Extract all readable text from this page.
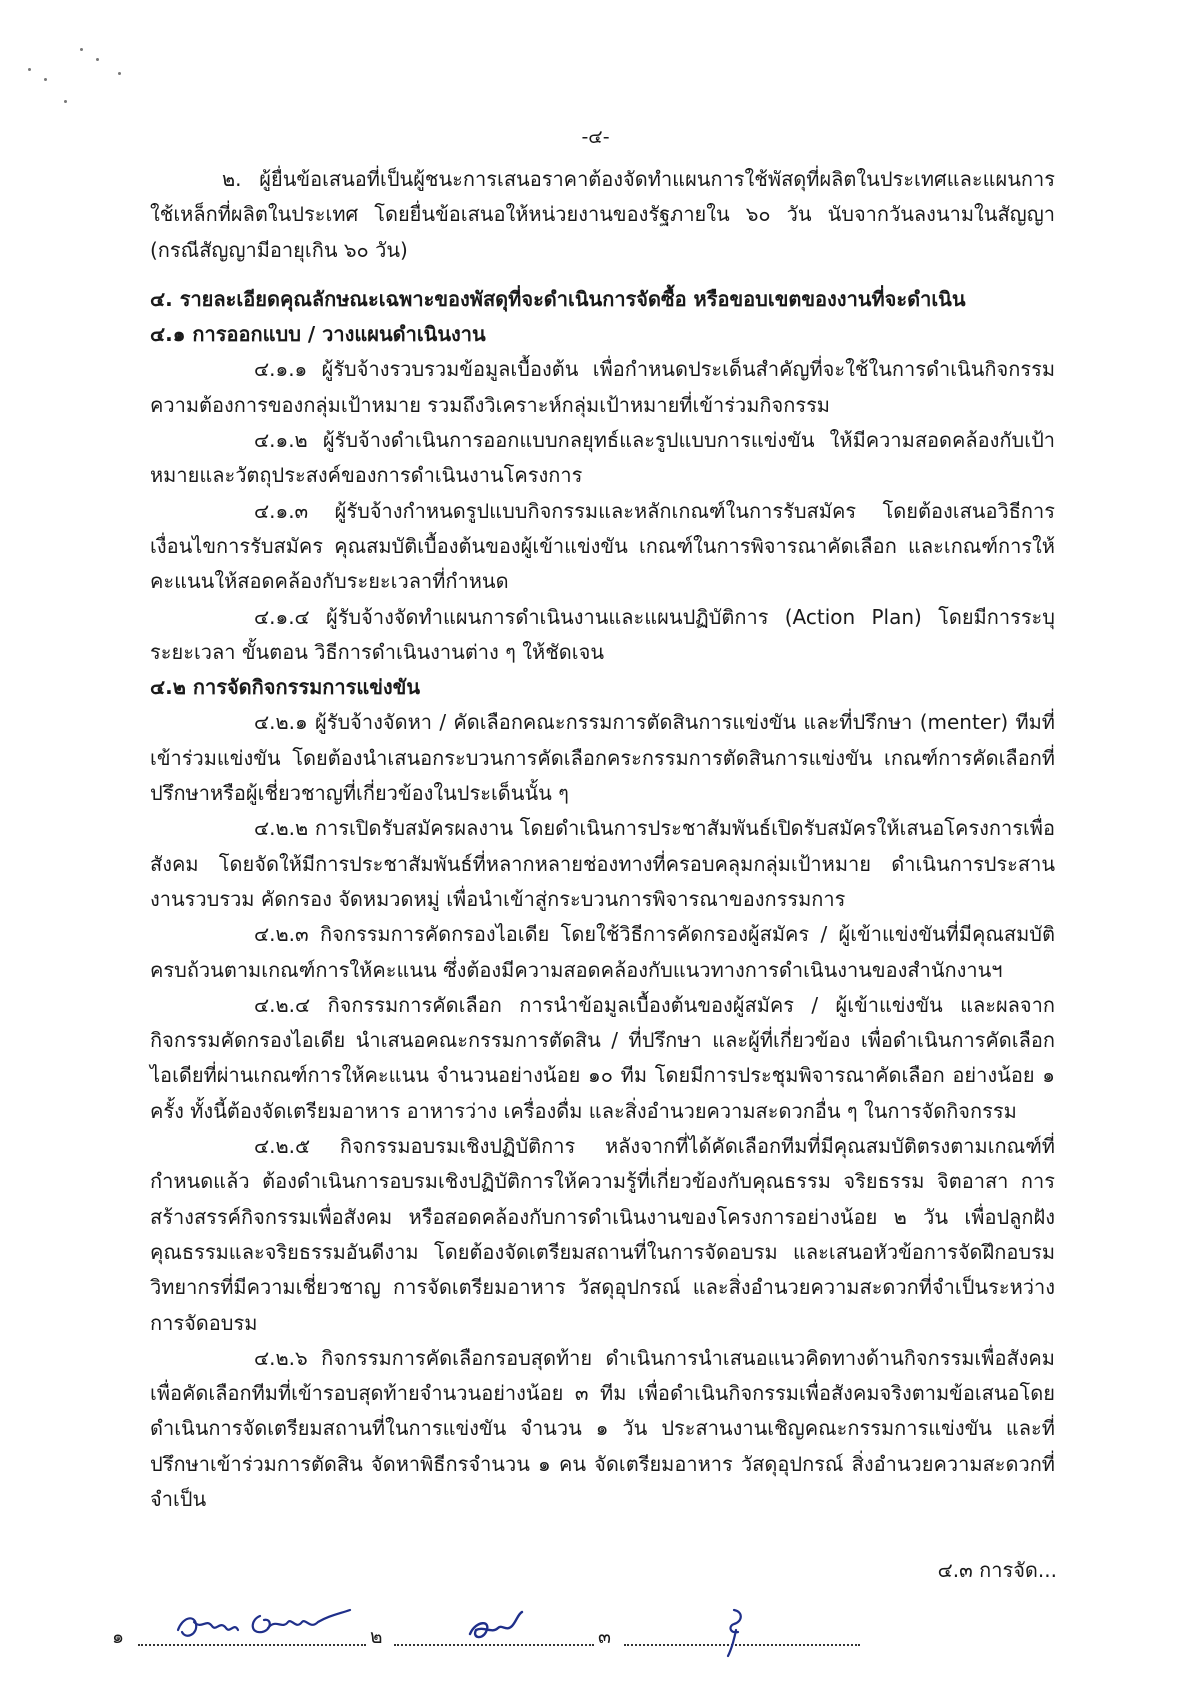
-๔-

๒. ผู้ยื่นข้อเสนอที่เป็นผู้ชนะการเสนอราคาต้องจัดทำแผนการใช้พัสดุที่ผลิตในประเทศและแผนการใช้เหล็กที่ผลิตในประเทศ โดยยื่นข้อเสนอให้หน่วยงานของรัฐภายใน ๖๐ วัน นับจากวันลงนามในสัญญา (กรณีสัญญามีอายุเกิน ๖๐ วัน)

๔. รายละเอียดคุณลักษณะเฉพาะของพัสดุที่จะดำเนินการจัดซื้อ หรือขอบเขตของงานที่จะดำเนิน

๔.๑ การออกแบบ / วางแผนดำเนินงาน

๔.๑.๑ ผู้รับจ้างรวบรวมข้อมูลเบื้องต้น เพื่อกำหนดประเด็นสำคัญที่จะใช้ในการดำเนินกิจกรรม ความต้องการของกลุ่มเป้าหมาย รวมถึงวิเคราะห์กลุ่มเป้าหมายที่เข้าร่วมกิจกรรม

๔.๑.๒ ผู้รับจ้างดำเนินการออกแบบกลยุทธ์และรูปแบบการแข่งขัน ให้มีความสอดคล้องกับเป้าหมายและวัตถุประสงค์ของการดำเนินงานโครงการ

๔.๑.๓ ผู้รับจ้างกำหนดรูปแบบกิจกรรมและหลักเกณฑ์ในการรับสมัคร โดยต้องเสนอวิธีการเงื่อนไขการรับสมัคร คุณสมบัติเบื้องต้นของผู้เข้าแข่งขัน เกณฑ์ในการพิจารณาคัดเลือก และเกณฑ์การให้คะแนนให้สอดคล้องกับระยะเวลาที่กำหนด

๔.๑.๔ ผู้รับจ้างจัดทำแผนการดำเนินงานและแผนปฏิบัติการ (Action Plan) โดยมีการระบุระยะเวลา ขั้นตอน วิธีการดำเนินงานต่าง ๆ ให้ชัดเจน

๔.๒ การจัดกิจกรรมการแข่งขัน

๔.๒.๑ ผู้รับจ้างจัดหา / คัดเลือกคณะกรรมการตัดสินการแข่งขัน และที่ปรึกษา (menter) ทีมที่เข้าร่วมแข่งขัน โดยต้องนำเสนอกระบวนการคัดเลือกคระกรรมการตัดสินการแข่งขัน เกณฑ์การคัดเลือกที่ปรึกษาหรือผู้เชี่ยวชาญที่เกี่ยวข้องในประเด็นนั้น ๆ

๔.๒.๒ การเปิดรับสมัครผลงาน โดยดำเนินการประชาสัมพันธ์เปิดรับสมัครให้เสนอโครงการเพื่อสังคม โดยจัดให้มีการประชาสัมพันธ์ที่หลากหลายช่องทางที่ครอบคลุมกลุ่มเป้าหมาย ดำเนินการประสานงานรวบรวม คัดกรอง จัดหมวดหมู่ เพื่อนำเข้าสู่กระบวนการพิจารณาของกรรมการ

๔.๒.๓ กิจกรรมการคัดกรองไอเดีย โดยใช้วิธีการคัดกรองผู้สมัคร / ผู้เข้าแข่งขันที่มีคุณสมบัติครบถ้วนตามเกณฑ์การให้คะแนน ซึ่งต้องมีความสอดคล้องกับแนวทางการดำเนินงานของสำนักงานฯ

๔.๒.๔ กิจกรรมการคัดเลือก การนำข้อมูลเบื้องต้นของผู้สมัคร / ผู้เข้าแข่งขัน และผลจากกิจกรรมคัดกรองไอเดีย นำเสนอคณะกรรมการตัดสิน / ที่ปรึกษา และผู้ที่เกี่ยวข้อง เพื่อดำเนินการคัดเลือกไอเดียที่ผ่านเกณฑ์การให้คะแนน จำนวนอย่างน้อย ๑๐ ทีม โดยมีการประชุมพิจารณาคัดเลือก อย่างน้อย ๑ ครั้ง ทั้งนี้ต้องจัดเตรียมอาหาร อาหารว่าง เครื่องดื่ม และสิ่งอำนวยความสะดวกอื่น ๆ ในการจัดกิจกรรม

๔.๒.๕ กิจกรรมอบรมเชิงปฏิบัติการ หลังจากที่ได้คัดเลือกทีมที่มีคุณสมบัติตรงตามเกณฑ์ที่กำหนดแล้ว ต้องดำเนินการอบรมเชิงปฏิบัติการให้ความรู้ที่เกี่ยวข้องกับคุณธรรม จริยธรรม จิตอาสา การสร้างสรรค์กิจกรรมเพื่อสังคม หรือสอดคล้องกับการดำเนินงานของโครงการอย่างน้อย ๒ วัน เพื่อปลูกฝังคุณธรรมและจริยธรรมอันดีงาม โดยต้องจัดเตรียมสถานที่ในการจัดอบรม และเสนอหัวข้อการจัดฝึกอบรมวิทยากรที่มีความเชี่ยวชาญ การจัดเตรียมอาหาร วัสดุอุปกรณ์ และสิ่งอำนวยความสะดวกที่จำเป็นระหว่างการจัดอบรม

๔.๒.๖ กิจกรรมการคัดเลือกรอบสุดท้าย ดำเนินการนำเสนอแนวคิดทางด้านกิจกรรมเพื่อสังคมเพื่อคัดเลือกทีมที่เข้ารอบสุดท้ายจำนวนอย่างน้อย ๓ ทีม เพื่อดำเนินกิจกรรมเพื่อสังคมจริงตามข้อเสนอโดยดำเนินการจัดเตรียมสถานที่ในการแข่งขัน จำนวน ๑ วัน ประสานงานเชิญคณะกรรมการแข่งขัน และที่ปรึกษาเข้าร่วมการตัดสิน จัดหาพิธีกรจำนวน ๑ คน จัดเตรียมอาหาร วัสดุอุปกรณ์ สิ่งอำนวยความสะดวกที่จำเป็น

๔.๓ การจัด...
๑	๒	๓
